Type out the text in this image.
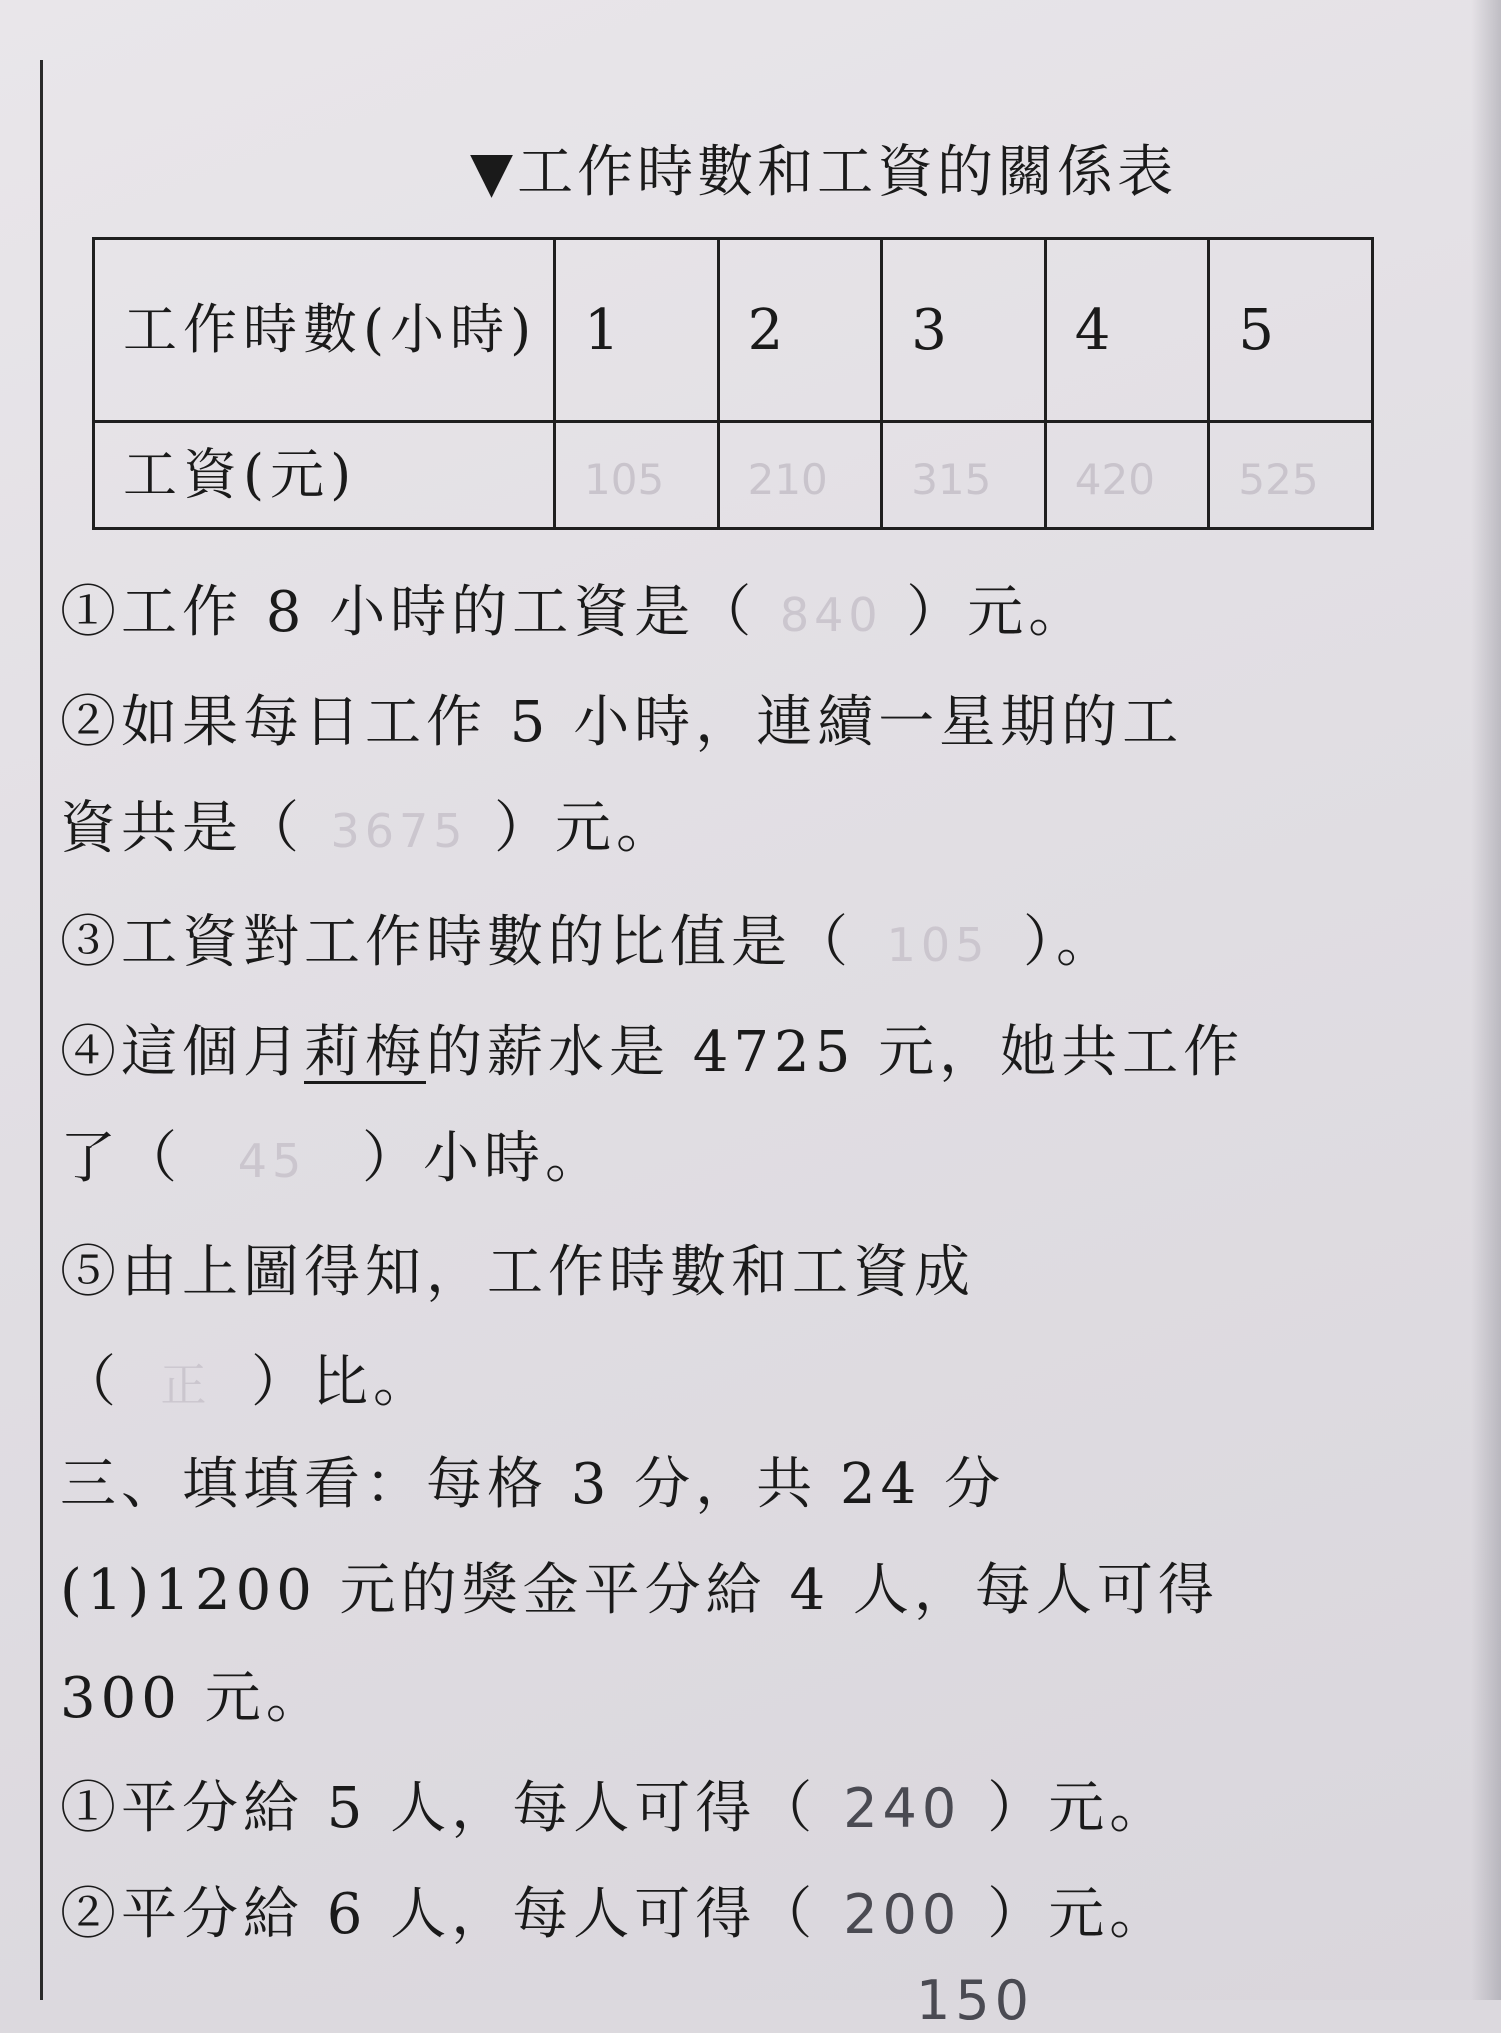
▼工作時數和工資的關係表
工作時數(小時)	1	2	3	4	5
工資(元)	105	210	315	420	525
①工作 8 小時的工資是（ 840 ）元。
②如果每日工作 5 小時，連續一星期的工
資共是（ 3675 ）元。
③工資對工作時數的比值是（ 105 ）。
④這個月莉梅的薪水是 4725 元，她共工作
了（ 45 ）小時。
⑤由上圖得知，工作時數和工資成
（ 正 ）比。
三、填填看：每格 3 分，共 24 分
(1)1200 元的獎金平分給 4 人，每人可得
300 元。
①平分給 5 人，每人可得（ 240 ）元。
②平分給 6 人，每人可得（ 200 ）元。
150
